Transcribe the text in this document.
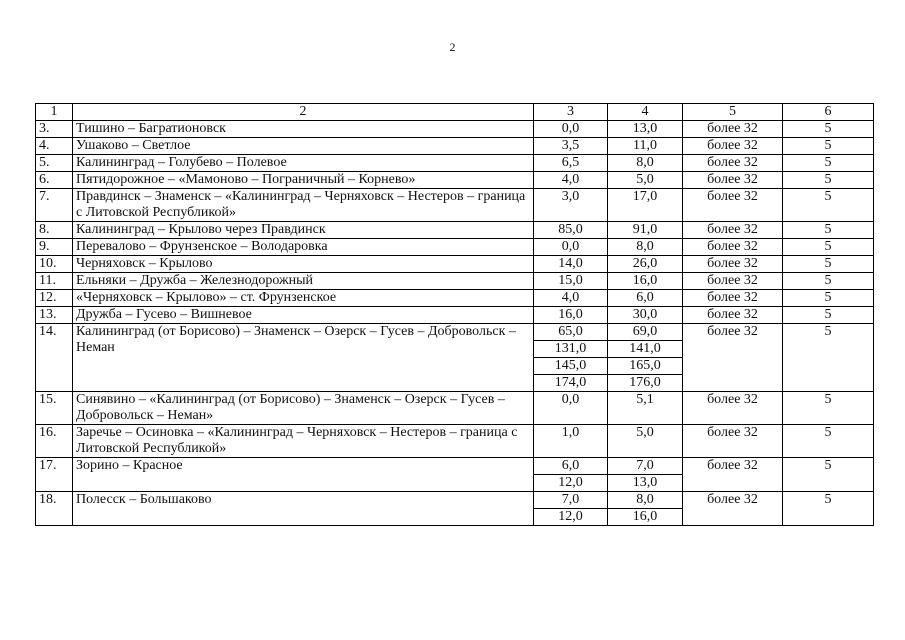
2
1	2	3	4	5	6
3.	Тишино – Багратионовск	0,0	13,0	более 32	5
4.	Ушаково – Светлое	3,5	11,0	более 32	5
5.	Калининград – Голубево – Полевое	6,5	8,0	более 32	5
6.	Пятидорожное – «Мамоново – Пограничный – Корнево»	4,0	5,0	более 32	5
7.	Правдинск – Знаменск – «Калининград – Черняховск – Нестеров – граница с Литовской Республикой»	3,0	17,0	более 32	5
8.	Калининград – Крылово через Правдинск	85,0	91,0	более 32	5
9.	Перевалово – Фрунзенское – Володаровка	0,0	8,0	более 32	5
10.	Черняховск – Крылово	14,0	26,0	более 32	5
11.	Ельняки – Дружба – Железнодорожный	15,0	16,0	более 32	5
12.	«Черняховск – Крылово» – ст. Фрунзенское	4,0	6,0	более 32	5
13.	Дружба – Гусево – Вишневое	16,0	30,0	более 32	5
14.	Калининград (от Борисово) – Знаменск – Озерск – Гусев – Добровольск – Неман	65,0	69,0	более 32	5
		131,0	141,0		
		145,0	165,0		
		174,0	176,0		
15.	Синявино – «Калининград (от Борисово) – Знаменск – Озерск – Гусев – Добровольск – Неман»	0,0	5,1	более 32	5
16.	Заречье – Осиновка – «Калининград – Черняховск – Нестеров – граница с Литовской Республикой»	1,0	5,0	более 32	5
17.	Зорино – Красное	6,0	7,0	более 32	5
		12,0	13,0		
18.	Полесск – Большаково	7,0	8,0	более 32	5
		12,0	16,0		
